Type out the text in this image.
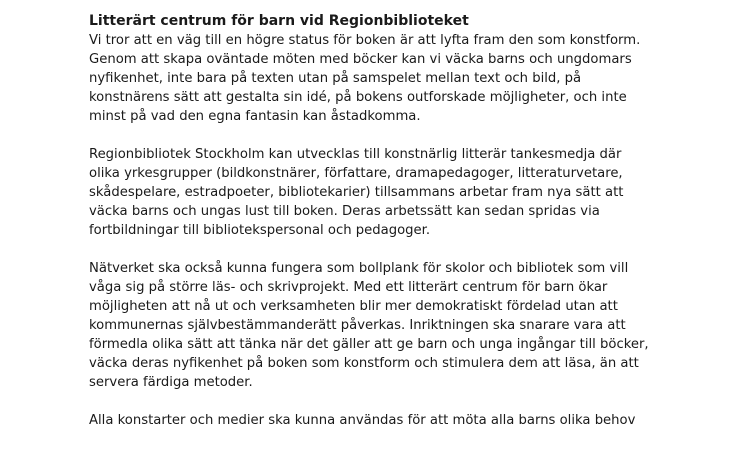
Litterärt centrum för barn vid Regionbiblioteket
Vi tror att en väg till en högre status för boken är att lyfta fram den som konstform.
Genom att skapa oväntade möten med böcker kan vi väcka barns och ungdomars
nyfikenhet, inte bara på texten utan på samspelet mellan text och bild, på
konstnärens sätt att gestalta sin idé, på bokens outforskade möjligheter, och inte
minst på vad den egna fantasin kan åstadkomma.
Regionbibliotek Stockholm kan utvecklas till konstnärlig litterär tankesmedja där
olika yrkesgrupper (bildkonstnärer, författare, dramapedagoger, litteraturvetare,
skådespelare, estradpoeter, bibliotekarier) tillsammans arbetar fram nya sätt att
väcka barns och ungas lust till boken. Deras arbetssätt kan sedan spridas via
fortbildningar till bibliotekspersonal och pedagoger.
Nätverket ska också kunna fungera som bollplank för skolor och bibliotek som vill
våga sig på större läs- och skrivprojekt. Med ett litterärt centrum för barn ökar
möjligheten att nå ut och verksamheten blir mer demokratiskt fördelad utan att
kommunernas självbestämmanderätt påverkas. Inriktningen ska snarare vara att
förmedla olika sätt att tänka när det gäller att ge barn och unga ingångar till böcker,
väcka deras nyfikenhet på boken som konstform och stimulera dem att läsa, än att
servera färdiga metoder.
Alla konstarter och medier ska kunna användas för att möta alla barns olika behov
